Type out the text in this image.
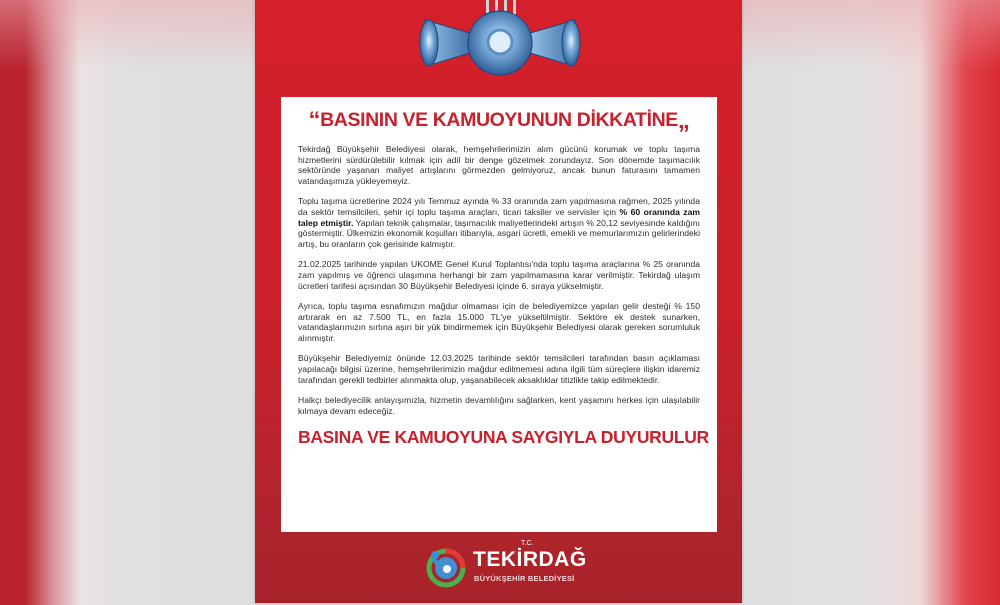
“BASININ VE KAMUOYUNUN DİKKATİNE„

Tekirdağ Büyükşehir Belediyesi olarak, hemşehrilerimizin alım gücünü korumak ve toplu taşıma hizmetlerini sürdürülebilir kılmak için adil bir denge gözetmek zorundayız. Son dönemde taşımacılık sektöründe yaşanan maliyet artışlarını görmezden gelmiyoruz, ancak bunun faturasını tamamen vatandaşımıza yükleyemeyiz.

Toplu taşıma ücretlerine 2024 yılı Temmuz ayında % 33 oranında zam yapılmasına rağmen, 2025 yılında da sektör temsilcileri, şehir içi toplu taşıma araçları, ticari taksiler ve servisler için % 60 oranında zam talep etmiştir. Yapılan teknik çalışmalar, taşımacılık maliyetlerindeki artışın % 20,12 seviyesinde kaldığını göstermiştir. Ülkemizin ekonomik koşulları itibarıyla, asgari ücretli, emekli ve memurlarımızın gelirlerindeki artış, bu oranların çok gerisinde kalmıştır.

21.02.2025 tarihinde yapılan UKOME Genel Kurul Toplantısı'nda toplu taşıma araçlarına % 25 oranında zam yapılmış ve öğrenci ulaşımına herhangi bir zam yapılmamasına karar verilmiştir. Tekirdağ ulaşım ücretleri tarifesi açısından 30 Büyükşehir Belediyesi içinde 6. sıraya yükselmiştir.

Ayrıca, toplu taşıma esnafımızın mağdur olmaması için de belediyemizce yapılan gelir desteği % 150 artırarak en az 7.500 TL, en fazla 15.000 TL'ye yükseltilmiştir. Sektöre ek destek sunarken, vatandaşlarımızın sırtına aşırı bir yük bindirmemek için Büyükşehir Belediyesi olarak gereken sorumluluk alınmıştır.

Büyükşehir Belediyemiz önünde 12.03.2025 tarihinde sektör temsilcileri tarafından basın açıklaması yapılacağı bilgisi üzerine, hemşehrilerimizin mağdur edilmemesi adına ilgili tüm süreçlere ilişkin idaremiz tarafından gerekli tedbirler alınmakta olup, yaşanabilecek aksaklıklar titizlikle takip edilmektedir.

Halkçı belediyecilik anlayışımızla, hizmetin devamlılığını sağlarken, kent yaşamını herkes için ulaşılabilir kılmaya devam edeceğiz.

BASINA VE KAMUOYUNA SAYGIYLA DUYURULUR
T.C.
TEKİRDAĞ
BÜYÜKŞEHİR BELEDİYESİ
